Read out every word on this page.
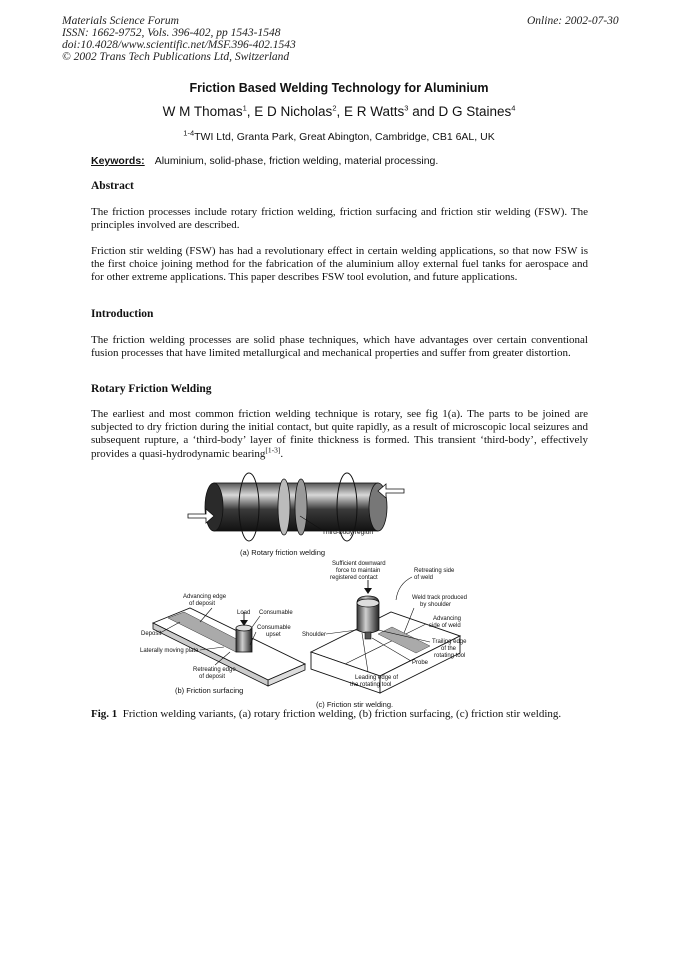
Materials Science Forum
ISSN: 1662-9752, Vols. 396-402, pp 1543-1548
doi:10.4028/www.scientific.net/MSF.396-402.1543
© 2002 Trans Tech Publications Ltd, Switzerland
Online: 2002-07-30
Friction Based Welding Technology for Aluminium
W M Thomas$^1$, E D Nicholas$^2$, E R Watts$^3$ and D G Staines$^4$
$^{1-4}$TWI Ltd, Granta Park, Great Abington, Cambridge, CB1 6AL, UK
Keywords: Aluminium, solid-phase, friction welding, material processing.
Abstract
The friction processes include rotary friction welding, friction surfacing and friction stir welding (FSW). The principles involved are described.
Friction stir welding (FSW) has had a revolutionary effect in certain welding applications, so that now FSW is the first choice joining method for the fabrication of the aluminium alloy external fuel tanks for aerospace and for other extreme applications. This paper describes FSW tool evolution, and future applications.
Introduction
The friction welding processes are solid phase techniques, which have advantages over certain conventional fusion processes that have limited metallurgical and mechanical properties and suffer from greater distortion.
Rotary Friction Welding
The earliest and most common friction welding technique is rotary, see fig 1(a). The parts to be joined are subjected to dry friction during the initial contact, but quite rapidly, as a result of microscopic local seizures and subsequent rupture, a ‘third-body’ layer of finite thickness is formed. This transient ‘third-body’, effectively provides a quasi-hydrodynamic bearing[1-3].
Third-body region
(a) Rotary friction welding
Advancing edge of deposit
Load Consumable
Consumable upset
Deposit
Laterally moving plate
Retreating edge of deposit
(b) Friction surfacing
Sufficient downward force to maintain registered contact
Retreating side of weld
Weld track produced by shoulder
Advancing side of weld
Shoulder
Trailing edge of the rotating tool
Probe
Leading edge of the rotating tool
(c) Friction stir welding.
Fig. 1 Friction welding variants, (a) rotary friction welding, (b) friction surfacing, (c) friction stir welding.
